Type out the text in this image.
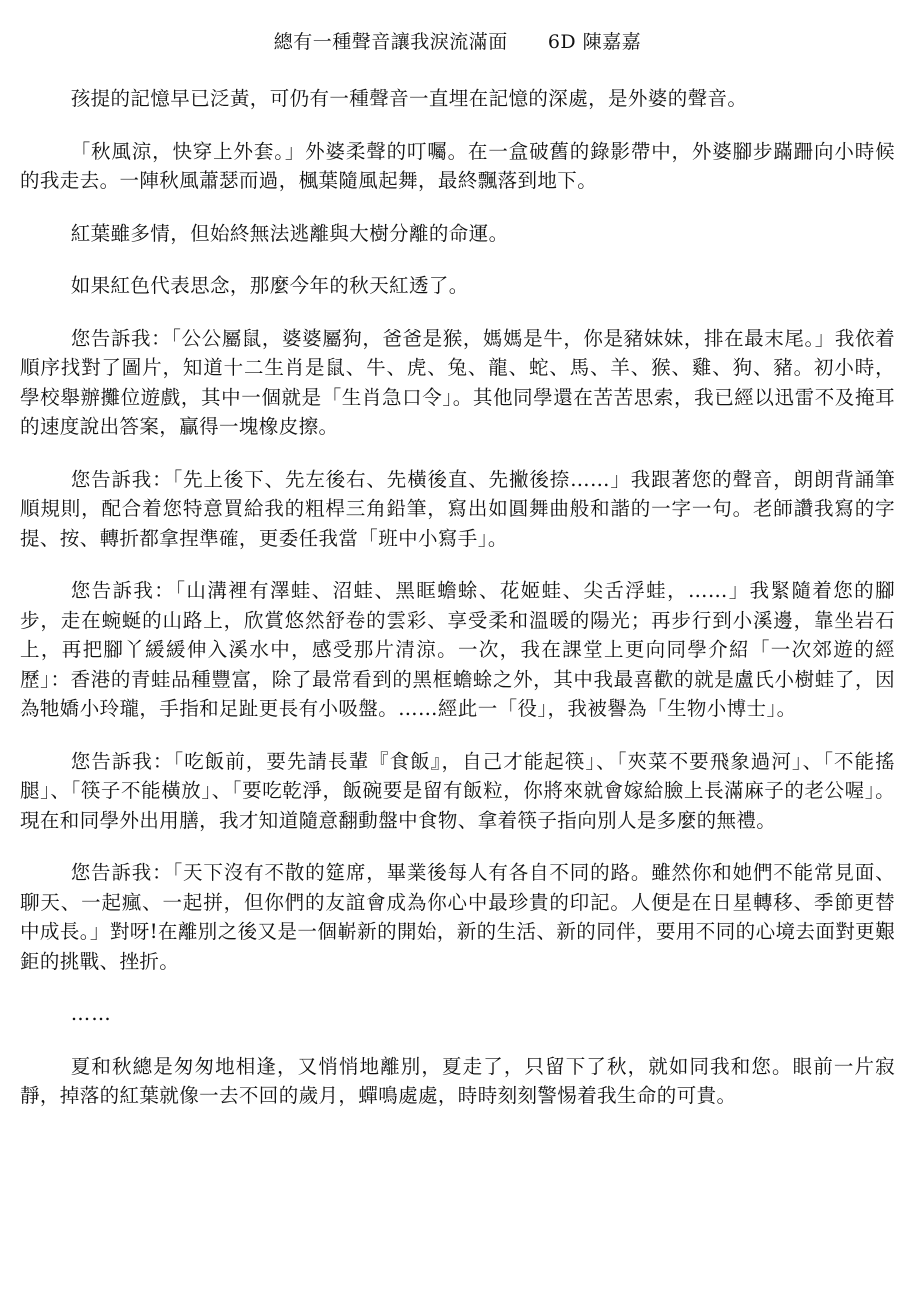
總有一種聲音讓我淚流滿面 6D 陳嘉嘉

孩提的記憶早已泛黃，可仍有一種聲音一直埋在記憶的深處，是外婆的聲音。

「秋風涼，快穿上外套。」外婆柔聲的叮囑。在一盒破舊的錄影帶中，外婆腳步蹣跚向小時候的我走去。一陣秋風蕭瑟而過，楓葉隨風起舞，最終飄落到地下。

紅葉雖多情，但始終無法逃離與大樹分離的命運。

如果紅色代表思念，那麼今年的秋天紅透了。

您告訴我：「公公屬鼠，婆婆屬狗，爸爸是猴，媽媽是牛，你是豬妹妹，排在最末尾。」我依着順序找對了圖片，知道十二生肖是鼠、牛、虎、兔、龍、蛇、馬、羊、猴、雞、狗、豬。初小時，學校舉辦攤位遊戲，其中一個就是「生肖急口令」。其他同學還在苦苦思索，我已經以迅雷不及掩耳的速度說出答案，贏得一塊橡皮擦。

您告訴我：「先上後下、先左後右、先橫後直、先撇後捺……」我跟著您的聲音，朗朗背誦筆順規則，配合着您特意買給我的粗桿三角鉛筆，寫出如圓舞曲般和諧的一字一句。老師讚我寫的字提、按、轉折都拿捏準確，更委任我當「班中小寫手」。

您告訴我：「山溝裡有澤蛙、沼蛙、黑眶蟾蜍、花姬蛙、尖舌浮蛙，……」我緊隨着您的腳步，走在蜿蜒的山路上，欣賞悠然舒卷的雲彩、享受柔和溫暖的陽光；再步行到小溪邊，靠坐岩石上，再把腳丫緩緩伸入溪水中，感受那片清涼。一次，我在課堂上更向同學介紹「一次郊遊的經歷」：香港的青蛙品種豐富，除了最常看到的黑框蟾蜍之外，其中我最喜歡的就是盧氏小樹蛙了，因為牠嬌小玲瓏，手指和足趾更長有小吸盤。……經此一「役」，我被譽為「生物小博士」。

您告訴我：「吃飯前，要先請長輩『食飯』，自己才能起筷」、「夾菜不要飛象過河」、「不能搖腿」、「筷子不能橫放」、「要吃乾淨，飯碗要是留有飯粒，你將來就會嫁給臉上長滿麻子的老公喔」。現在和同學外出用膳，我才知道隨意翻動盤中食物、拿着筷子指向別人是多麼的無禮。

您告訴我：「天下沒有不散的筵席，畢業後每人有各自不同的路。雖然你和她們不能常見面、聊天、一起瘋、一起拼，但你們的友誼會成為你心中最珍貴的印記。人便是在日星轉移、季節更替中成長。」對呀!在離別之後又是一個嶄新的開始，新的生活、新的同伴，要用不同的心境去面對更艱鉅的挑戰、挫折。

……

夏和秋總是匆匆地相逢，又悄悄地離別，夏走了，只留下了秋，就如同我和您。眼前一片寂靜，掉落的紅葉就像一去不回的歲月，蟬鳴處處，時時刻刻警惕着我生命的可貴。
